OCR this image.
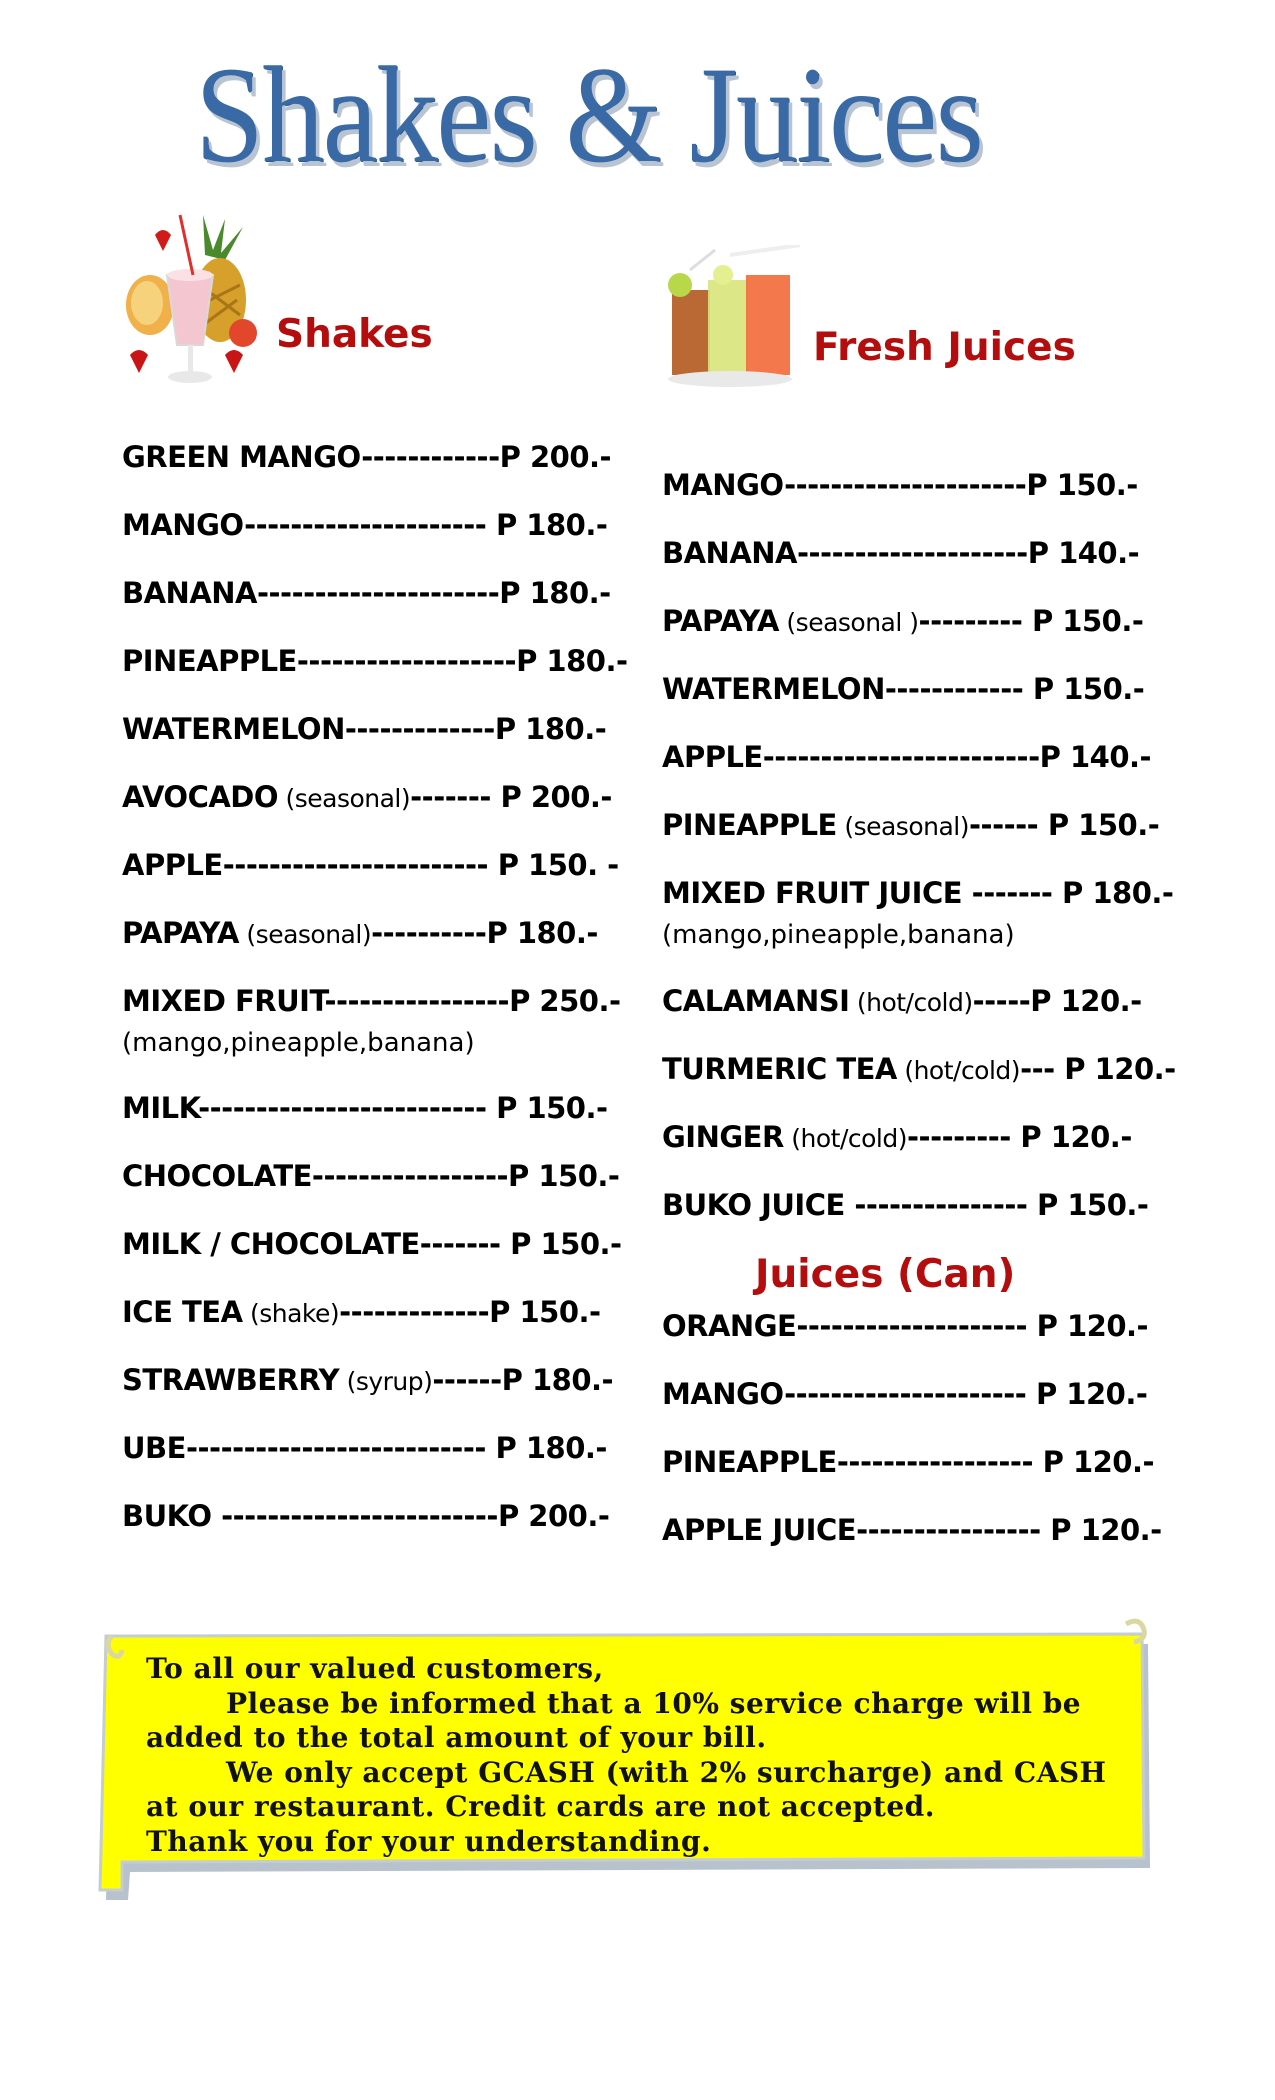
Shakes & Juices
Shakes	Fresh Juices
GREEN MANGO------------P 200.-
MANGO--------------------- P 180.-
BANANA---------------------P 180.-
PINEAPPLE-------------------P 180.-
WATERMELON-------------P 180.-
AVOCADO (seasonal)------- P 200.-
APPLE----------------------- P 150. -
PAPAYA (seasonal)----------P 180.-
MIXED FRUIT----------------P 250.-
MILK------------------------- P 150.-
CHOCOLATE-----------------P 150.-
MILK / CHOCOLATE------- P 150.-
ICE TEA (shake)-------------P 150.-
STRAWBERRY (syrup)------P 180.-
UBE-------------------------- P 180.-
BUKO ------------------------P 200.-
(mango,pineapple,banana)
MANGO---------------------P 150.-
BANANA--------------------P 140.-
PAPAYA (seasonal )--------- P 150.-
WATERMELON------------ P 150.-
APPLE------------------------P 140.-
PINEAPPLE (seasonal)------ P 150.-
MIXED FRUIT JUICE ------- P 180.-
CALAMANSI (hot/cold)-----P 120.-
TURMERIC TEA (hot/cold)--- P 120.-
GINGER (hot/cold)--------- P 120.-
BUKO JUICE --------------- P 150.-
(mango,pineapple,banana)
Juices (Can)
ORANGE-------------------- P 120.-
MANGO--------------------- P 120.-
PINEAPPLE----------------- P 120.-
APPLE JUICE---------------- P 120.-
To all our valued customers,
Please be informed that a 10% service charge will be
added to the total amount of your bill.
We only accept GCASH (with 2% surcharge) and CASH
at our restaurant. Credit cards are not accepted.
Thank you for your understanding.
